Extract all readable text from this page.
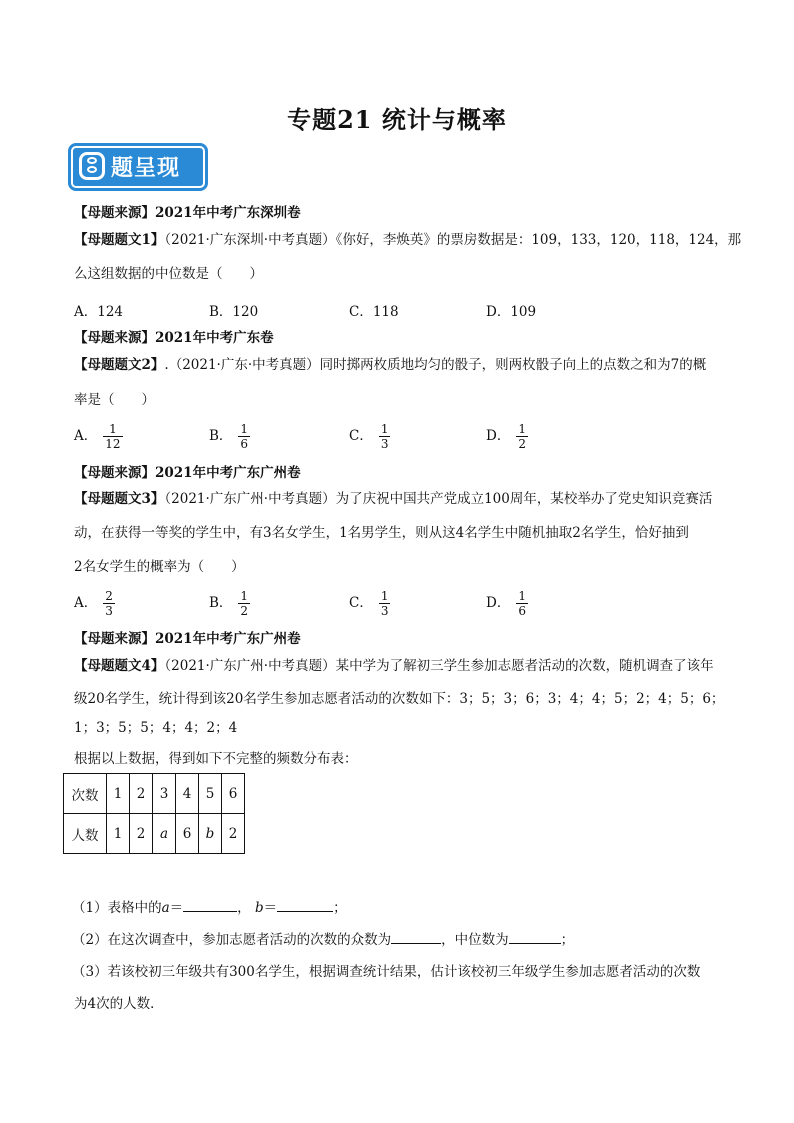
专题21 统计与概率
题呈现
【母题来源】2021年中考广东深圳卷
【母题题文1】（2021·广东深圳·中考真题）《你好，李焕英》的票房数据是：109，133，120，118，124，那
么这组数据的中位数是（　　）
A．124	B．120	C．118	D．109
【母题来源】2021年中考广东卷
【母题题文2】.（2021·广东·中考真题）同时掷两枚质地均匀的骰子，则两枚骰子向上的点数之和为7的概
率是（　　）
A． $\frac{1}{12}$	B． $\frac{1}{6}$	C． $\frac{1}{3}$	D． $\frac{1}{2}$
【母题来源】2021年中考广东广州卷
【母题题文3】（2021·广东广州·中考真题）为了庆祝中国共产党成立100周年，某校举办了党史知识竞赛活
动，在获得一等奖的学生中，有3名女学生，1名男学生，则从这4名学生中随机抽取2名学生，恰好抽到
2名女学生的概率为（　　）
A． $\frac{2}{3}$	B． $\frac{1}{2}$	C． $\frac{1}{3}$	D． $\frac{1}{6}$
【母题来源】2021年中考广东广州卷
【母题题文4】（2021·广东广州·中考真题）某中学为了解初三学生参加志愿者活动的次数，随机调查了该年
级20名学生，统计得到该20名学生参加志愿者活动的次数如下：3；5；3；6；3；4；4；5；2；4；5；6；
1；3；5；5；4；4；2；4
根据以上数据，得到如下不完整的频数分布表：
次数	1	2	3	4	5	6
人数	1	2	a	6	b	2
（1）表格中的a＝	， b＝	；
（2）在这次调查中，参加志愿者活动的次数的众数为	，中位数为	；
（3）若该校初三年级共有300名学生，根据调查统计结果，估计该校初三年级学生参加志愿者活动的次数
为4次的人数．
